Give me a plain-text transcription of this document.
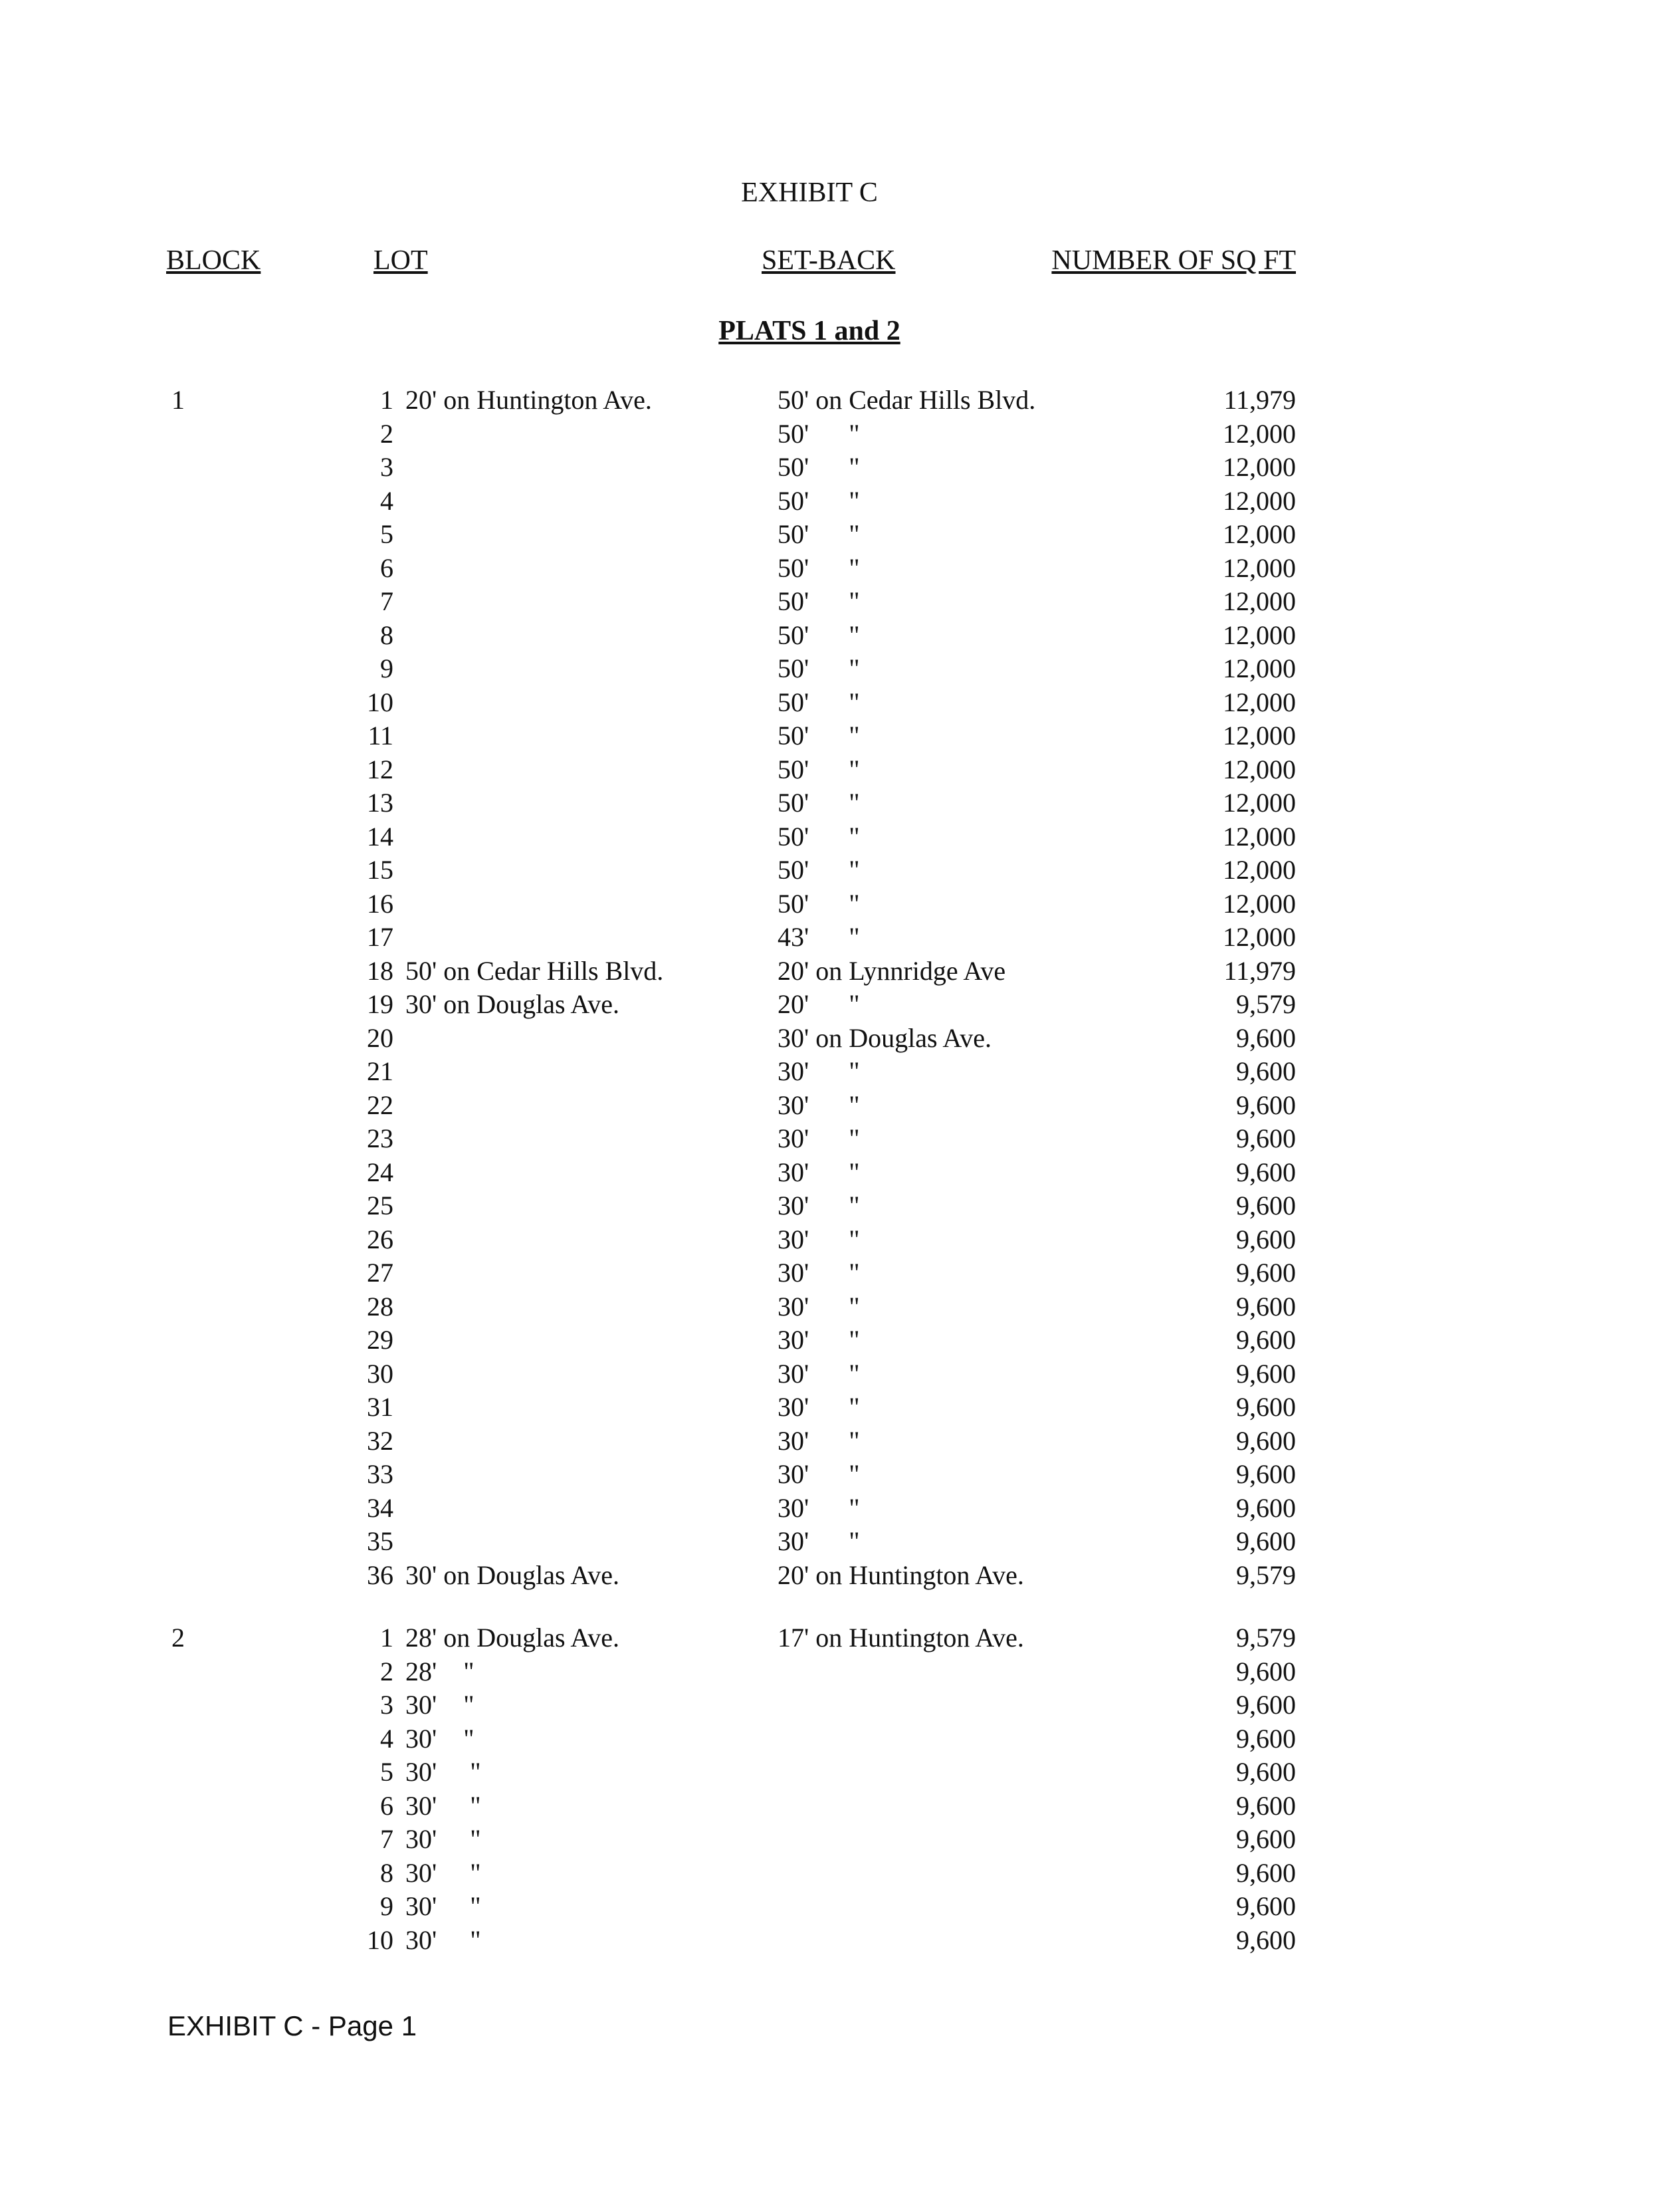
EXHIBIT C
BLOCK	LOT	SET-BACK	NUMBER OF SQ FT
PLATS 1 and 2
1	1 20' on Huntington Ave.	50' on Cedar Hills Blvd.	11,979
2	50'      "	12,000
3	50'      "	12,000
4	50'      "	12,000
5	50'      "	12,000
6	50'      "	12,000
7	50'      "	12,000
8	50'      "	12,000
9	50'      "	12,000
10	50'      "	12,000
11	50'      "	12,000
12	50'      "	12,000
13	50'      "	12,000
14	50'      "	12,000
15	50'      "	12,000
16	50'      "	12,000
17	43'      "	12,000
18 50' on Cedar Hills Blvd.	20' on Lynnridge Ave	11,979
19 30' on Douglas Ave.	20'      "	9,579
20	30' on Douglas Ave.	9,600
21	30'      "	9,600
22	30'      "	9,600
23	30'      "	9,600
24	30'      "	9,600
25	30'      "	9,600
26	30'      "	9,600
27	30'      "	9,600
28	30'      "	9,600
29	30'      "	9,600
30	30'      "	9,600
31	30'      "	9,600
32	30'      "	9,600
33	30'      "	9,600
34	30'      "	9,600
35	30'      "	9,600
36 30' on Douglas Ave.	20' on Huntington Ave.	9,579
2	1 28' on Douglas Ave.	17' on Huntington Ave.	9,579
2 28'    "	9,600
3 30'    "	9,600
4 30'    "	9,600
5 30'     "	9,600
6 30'     "	9,600
7 30'     "	9,600
8 30'     "	9,600
9 30'     "	9,600
10 30'     "	9,600
EXHIBIT C - Page 1
